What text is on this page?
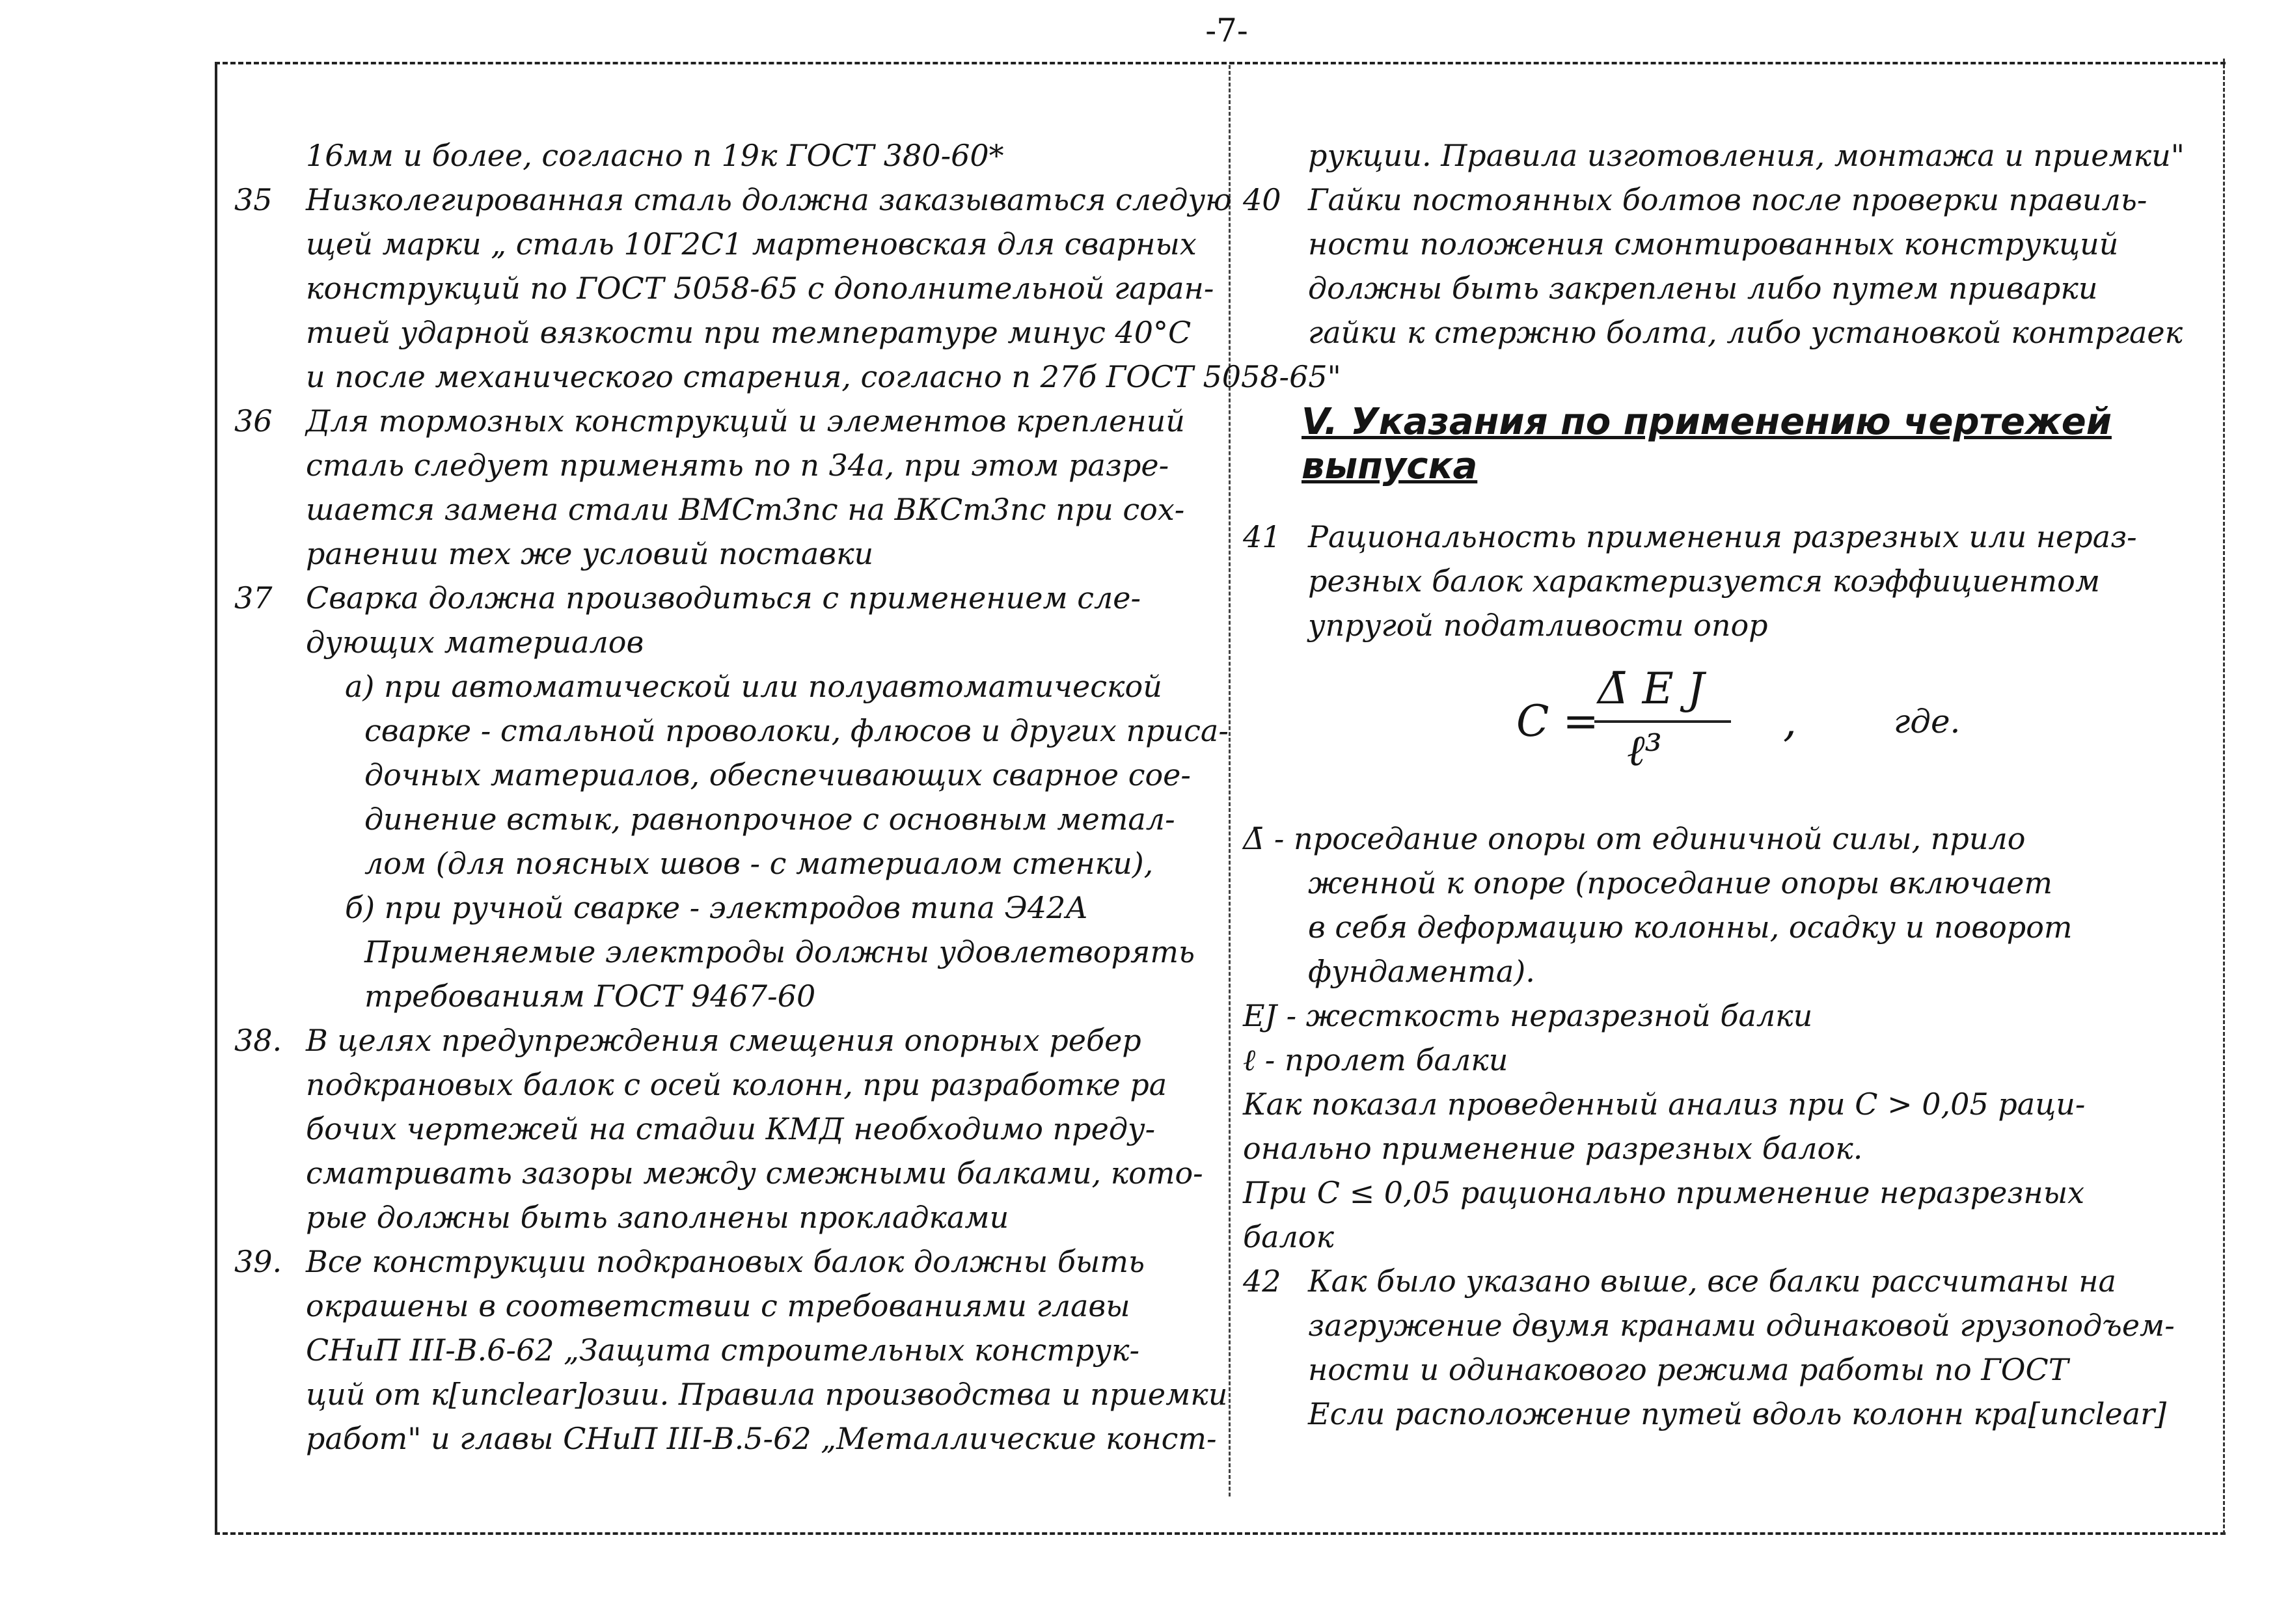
-7-
16мм и более, согласно п 19к ГОСТ 380-60*
35	Низколегированная сталь должна заказываться следую
щей марки „ сталь 10Г2С1 мартеновская для сварных
конструкций по ГОСТ 5058-65 с дополнительной гаран-
тией ударной вязкости при температуре минус 40°С
и после механического старения, согласно п 27б ГОСТ 5058-65"
36	Для тормозных конструкций и элементов креплений
сталь следует применять по п 34а, при этом разре-
шается замена стали ВМСт3пс на ВКСт3пс при сох-
ранении тех же условий поставки
37	Сварка должна производиться с применением сле-
дующих материалов
а) при автоматической или полуавтоматической
сварке - стальной проволоки, флюсов и других приса-
дочных материалов, обеспечивающих сварное сое-
динение встык, равнопрочное с основным метал-
лом (для поясных швов - с материалом стенки),
б) при ручной сварке - электродов типа Э42А
Применяемые электроды должны удовлетворять
требованиям ГОСТ 9467-60
38. В целях предупреждения смещения опорных ребер
подкрановых балок с осей колонн, при разработке ра
бочих чертежей на стадии КМД необходимо преду-
сматривать зазоры между смежными балками, кото-
рые должны быть заполнены прокладками
39. Все конструкции подкрановых балок должны быть
окрашены в соответствии с требованиями главы
СНиП III-В.6-62 „Защита строительных конструк-
ций от к[unclear]озии. Правила производства и приемки
работ" и главы СНиП III-В.5-62 „Металлические конст-
рукции. Правила изготовления, монтажа и приемки"
40 Гайки постоянных болтов после проверки правиль-
ности положения смонтированных конструкций
должны быть закреплены либо путем приварки
гайки к стержню болта, либо установкой контргаек
V. Указания по применению чертежей выпуска
41 Рациональность применения разрезных или нераз-
резных балок характеризуется коэффициентом
упругой податливости опор
C =
Δ̄ E J
ℓ³
,	где.
Δ̄ - проседание опоры от единичной силы, прило
женной к опоре (проседание опоры включает
в себя деформацию колонны, осадку и поворот
фундамента).
EJ - жесткость неразрезной балки
ℓ - пролет балки
Как показал проведенный анализ при C > 0,05 раци-
онально применение разрезных балок.
При C ≤ 0,05 рационально применение неразрезных
балок
42 Как было указано выше, все балки рассчитаны на
загружение двумя кранами одинаковой грузоподъем-
ности и одинакового режима работы по ГОСТ
Если расположение путей вдоль колонн кра[unclear]
